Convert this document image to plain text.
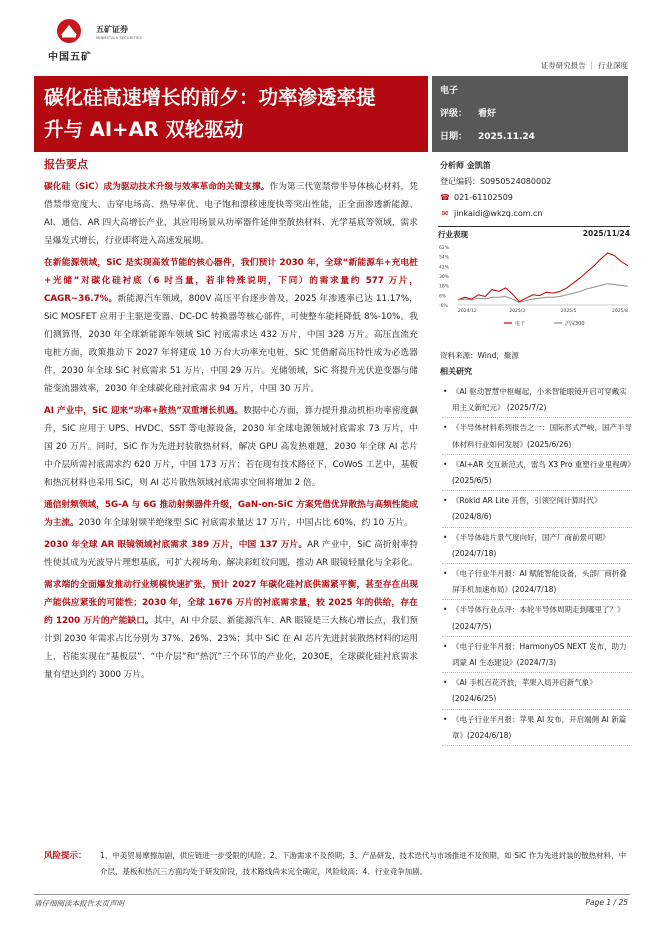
五矿证券
MINMETALS SECURITIES
中国五矿
证券研究报告 ｜ 行业深度
碳化硅高速增长的前夕：功率渗透率提
升与 AI+AR 双轮驱动
电子
评级：	看好
日期：	2025.11.24
报告要点

碳化硅（SiC）成为驱动技术升级与效率革命的关键支撑。作为第三代宽禁带半导体核心材料，凭借禁带宽度大、击穿电场高、热导率优、电子饱和漂移速度快等突出性能，正全面渗透新能源、AI、通信、AR 四大高增长产业，其应用场景从功率器件延伸至散热材料、光学基底等领域，需求呈爆发式增长，行业即将进入高速发展期。

在新能源领域，SiC 是实现高效节能的核心器件，我们预计 2030 年，全球“新能源车+充电桩+光储”对碳化硅衬底（6 吋当量，若非特殊说明，下同）的需求量约 577 万片，CAGR~36.7%。新能源汽车领域，800V 高压平台逐步普及，2025 年渗透率已达 11.17%，SiC MOSFET 应用于主驱逆变器、DC-DC 转换器等核心部件，可使整车能耗降低 8%-10%。我们测算得，2030 年全球新能源车领域 SiC 衬底需求达 432 万片，中国 328 万片。高压直流充电桩方面，政策推动下 2027 年将建成 10 万台大功率充电桩，SiC 凭借耐高压特性成为必选器件，2030 年全球 SiC 衬底需求 51 万片，中国 29 万片。光储领域，SiC 将提升光伏逆变器与储能变流器效率，2030 年全球碳化硅衬底需求 94 万片，中国 30 万片。

AI 产业中，SiC 迎来“功率+散热”双重增长机遇。数据中心方面，算力提升推动机柜功率密度飙升，SiC 应用于 UPS、HVDC、SST 等电源设备，2030 年全球电源领域衬底需求 73 万片，中国 20 万片。同时，SiC 作为先进封装散热材料，解决 GPU 高发热难题，2030 年全球 AI 芯片中介层所需衬底需求约 620 万片，中国 173 万片；若在现有技术路径下，CoWoS 工艺中，基板和热沉材料也采用 SiC，则 AI 芯片散热领域衬底需求空间将增加 2 倍。

通信射频领域，5G-A 与 6G 推动射频器件升级，GaN-on-SiC 方案凭借优异散热与高频性能成为主流。2030 年全球射频半绝缘型 SiC 衬底需求量达 17 万片，中国占比 60%，约 10 万片。

2030 年全球 AR 眼镜领域衬底需求 389 万片，中国 137 万片。AR 产业中，SiC 高折射率特性使其成为光波导片理想基底，可扩大视场角、解决彩虹纹问题，推动 AR 眼镜轻量化与全彩化。

需求端的全面爆发推动行业规模快速扩张，预计 2027 年碳化硅衬底供需紧平衡，甚至存在出现产能供应紧张的可能性；2030 年，全球 1676 万片的衬底需求量，较 2025 年的供给，存在约 1200 万片的产能缺口。其中，AI 中介层、新能源汽车、AR 眼镜是三大核心增长点，我们预计到 2030 年需求占比分别为 37%、26%、23%；其中 SiC 在 AI 芯片先进封装散热材料的运用上，若能实现在“基板层”、“中介层”和“热沉”三个环节的产业化，2030E，全球碳化硅衬底需求量有望达到约 3000 万片。

分析师 金凯笛
登记编码：S0950524080002
☎ 021-61102509
✉ jinkaidi@wkzq.com.cn
行业表现	2025/11/24
-6%
6%
18%
30%
42%
54%
62%
2024/12	2025/3	2025/5	2025/8
电子	沪深300
资料来源：Wind，聚源
相关研究
• 《AI 驱动智慧中枢崛起，小米智能眼镜开启可穿戴实用主义新纪元》 (2025/7/2)
• 《半导体材料系列报告之一：国际形式严峻，国产半导体材料行业如何发展》(2025/6/26)
• 《AI+AR 交互新范式，雷鸟 X3 Pro 重塑行业里程碑》(2025/6/5)
• 《Rokid AR Lite 开售，引领空间计算时代》(2024/8/6)
• 《半导体硅片景气度向好，国产厂商前景可期》(2024/7/18)
• 《电子行业半月报：AI 赋能智能设备，头部厂商折叠屏手机加速布局》(2024/7/18)
• 《半导体行业点评：本轮半导体周期走到哪里了？》(2024/7/5)
• 《电子行业半月报：HarmonyOS NEXT 发布，助力鸿蒙 AI 生态建设》(2024/7/3)
• 《AI 手机百花齐放，苹果入局开启新气象》(2024/6/25)
• 《电子行业半月报：苹果 AI 发布，开启端侧 AI 新篇章》(2024/6/18)
风险提示：	1、中美贸易摩擦加剧，供应链进一步受限的风险；2、下游需求不及预期；3、产品研发、技术迭代与市场推进不及预期，如 SiC 作为先进封装的散热材料，中介层、基板和热沉三方面均处于研发阶段，技术路线尚未完全确定，风险较高；4、行业竞争加剧。
请仔细阅读本报告末页声明	Page 1 / 25
